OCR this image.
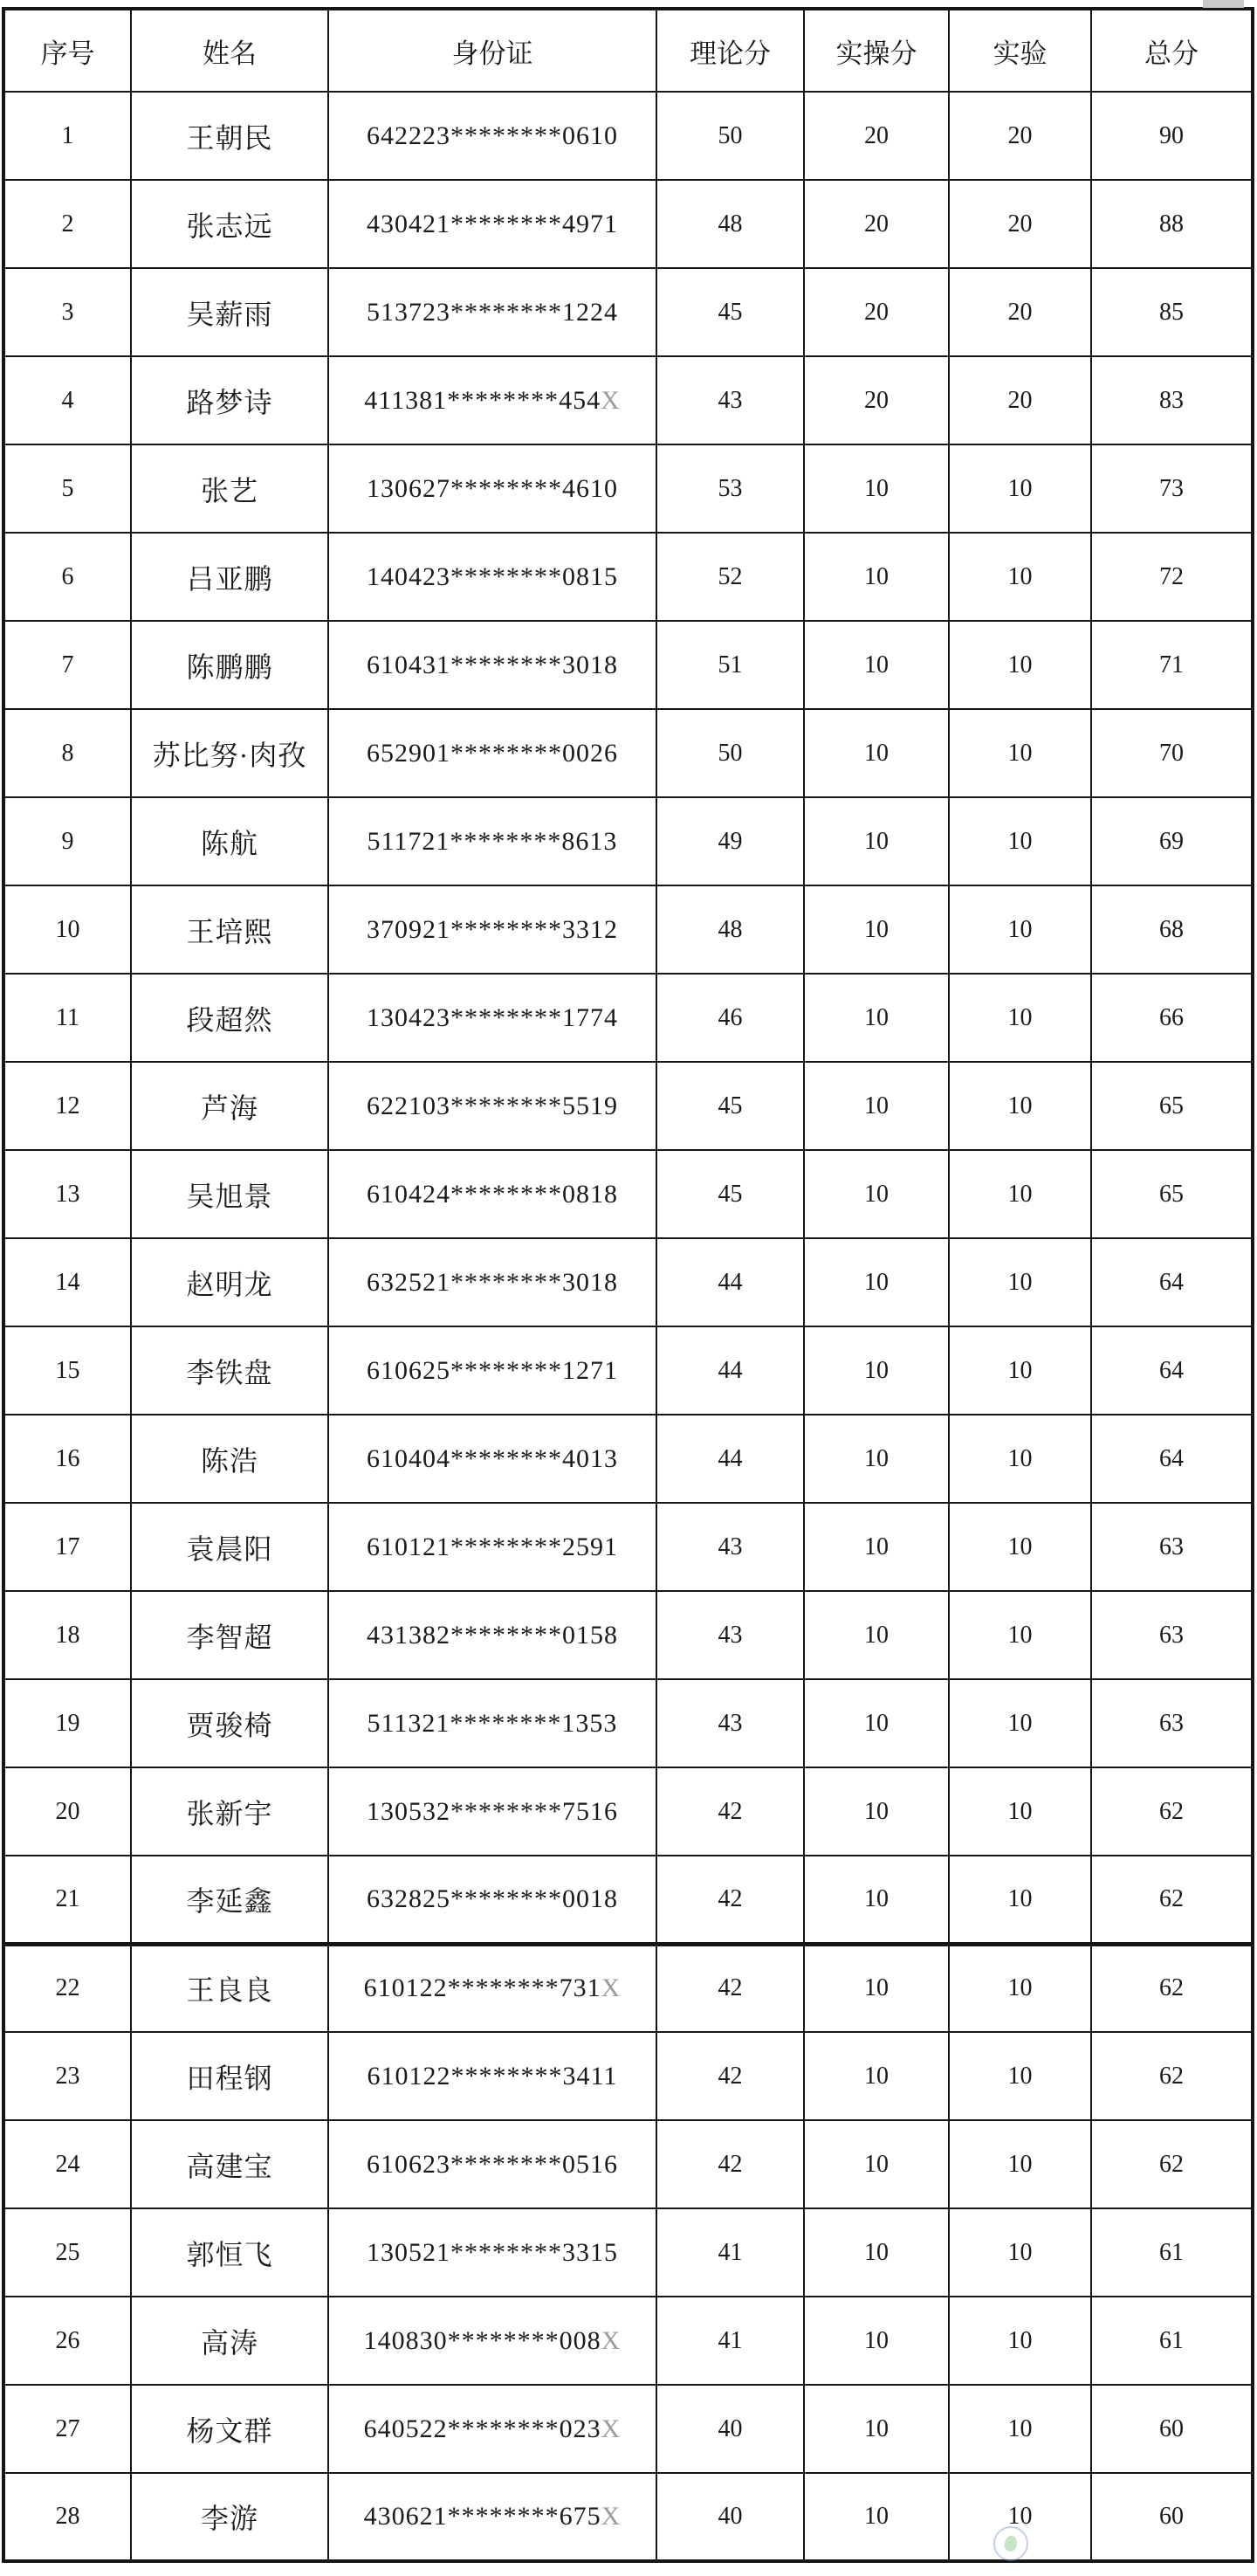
序号	姓名	身份证	理论分	实操分	实验	总分
1	王朝民	642223********0610	50	20	20	90
2	张志远	430421********4971	48	20	20	88
3	吴薪雨	513723********1224	45	20	20	85
4	路梦诗	411381********454X	43	20	20	83
5	张艺	130627********4610	53	10	10	73
6	吕亚鹏	140423********0815	52	10	10	72
7	陈鹏鹏	610431********3018	51	10	10	71
8	苏比努·肉孜	652901********0026	50	10	10	70
9	陈航	511721********8613	49	10	10	69
10	王培熙	370921********3312	48	10	10	68
11	段超然	130423********1774	46	10	10	66
12	芦海	622103********5519	45	10	10	65
13	吴旭景	610424********0818	45	10	10	65
14	赵明龙	632521********3018	44	10	10	64
15	李铁盘	610625********1271	44	10	10	64
16	陈浩	610404********4013	44	10	10	64
17	袁晨阳	610121********2591	43	10	10	63
18	李智超	431382********0158	43	10	10	63
19	贾骏椅	511321********1353	43	10	10	63
20	张新宇	130532********7516	42	10	10	62
21	李延鑫	632825********0018	42	10	10	62
22	王良良	610122********731X	42	10	10	62
23	田程钢	610122********3411	42	10	10	62
24	高建宝	610623********0516	42	10	10	62
25	郭恒飞	130521********3315	41	10	10	61
26	高涛	140830********008X	41	10	10	61
27	杨文群	640522********023X	40	10	10	60
28	李游	430621********675X	40	10	10	60
